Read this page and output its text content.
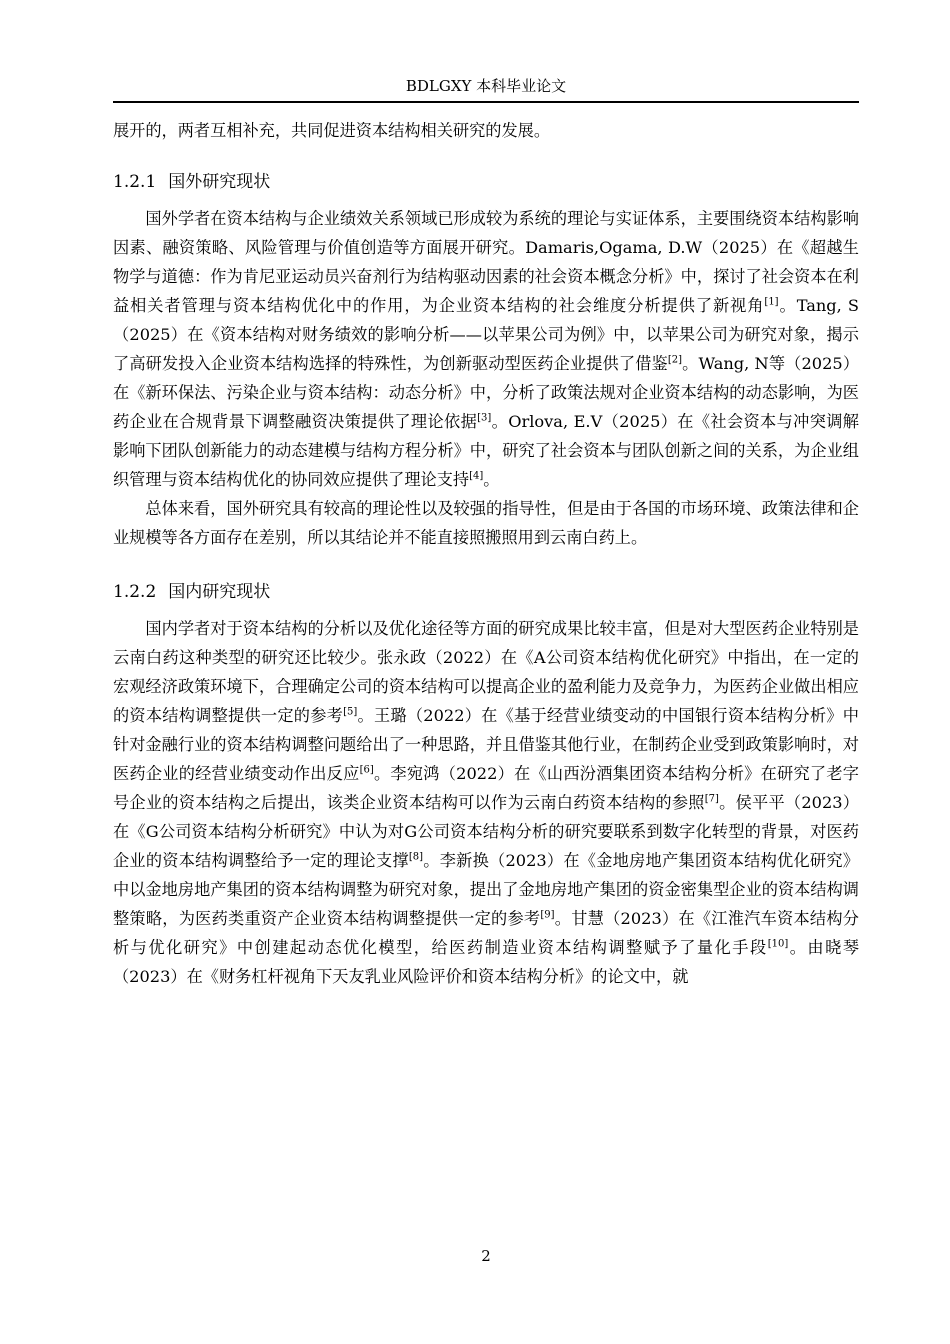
BDLGXY 本科毕业论文

展开的，两者互相补充，共同促进资本结构相关研究的发展。

1.2.1 国外研究现状

国外学者在资本结构与企业绩效关系领域已形成较为系统的理论与实证体系，主要围绕资本结构影响因素、融资策略、风险管理与价值创造等方面展开研究。Damaris,Ogama, D.W（2025）在《超越生物学与道德：作为肯尼亚运动员兴奋剂行为结构驱动因素的社会资本概念分析》中，探讨了社会资本在利益相关者管理与资本结构优化中的作用，为企业资本结构的社会维度分析提供了新视角[1]。Tang, S（2025）在《资本结构对财务绩效的影响分析——以苹果公司为例》中，以苹果公司为研究对象，揭示了高研发投入企业资本结构选择的特殊性，为创新驱动型医药企业提供了借鉴[2]。Wang, N等（2025）在《新环保法、污染企业与资本结构：动态分析》中，分析了政策法规对企业资本结构的动态影响，为医药企业在合规背景下调整融资决策提供了理论依据[3]。Orlova, E.V（2025）在《社会资本与冲突调解影响下团队创新能力的动态建模与结构方程分析》中，研究了社会资本与团队创新之间的关系，为企业组织管理与资本结构优化的协同效应提供了理论支持[4]。

总体来看，国外研究具有较高的理论性以及较强的指导性，但是由于各国的市场环境、政策法律和企业规模等各方面存在差别，所以其结论并不能直接照搬照用到云南白药上。

1.2.2 国内研究现状

国内学者对于资本结构的分析以及优化途径等方面的研究成果比较丰富，但是对大型医药企业特别是云南白药这种类型的研究还比较少。张永政（2022）在《A公司资本结构优化研究》中指出，在一定的宏观经济政策环境下，合理确定公司的资本结构可以提高企业的盈利能力及竞争力，为医药企业做出相应的资本结构调整提供一定的参考[5]。王璐（2022）在《基于经营业绩变动的中国银行资本结构分析》中针对金融行业的资本结构调整问题给出了一种思路，并且借鉴其他行业，在制药企业受到政策影响时，对医药企业的经营业绩变动作出反应[6]。李宛鸿（2022）在《山西汾酒集团资本结构分析》在研究了老字号企业的资本结构之后提出，该类企业资本结构可以作为云南白药资本结构的参照[7]。侯平平（2023）在《G公司资本结构分析研究》中认为对G公司资本结构分析的研究要联系到数字化转型的背景，对医药企业的资本结构调整给予一定的理论支撑[8]。李新换（2023）在《金地房地产集团资本结构优化研究》中以金地房地产集团的资本结构调整为研究对象，提出了金地房地产集团的资金密集型企业的资本结构调整策略，为医药类重资产企业资本结构调整提供一定的参考[9]。甘慧（2023）在《江淮汽车资本结构分析与优化研究》中创建起动态优化模型，给医药制造业资本结构调整赋予了量化手段[10]。由晓琴（2023）在《财务杠杆视角下天友乳业风险评价和资本结构分析》的论文中，就

2
